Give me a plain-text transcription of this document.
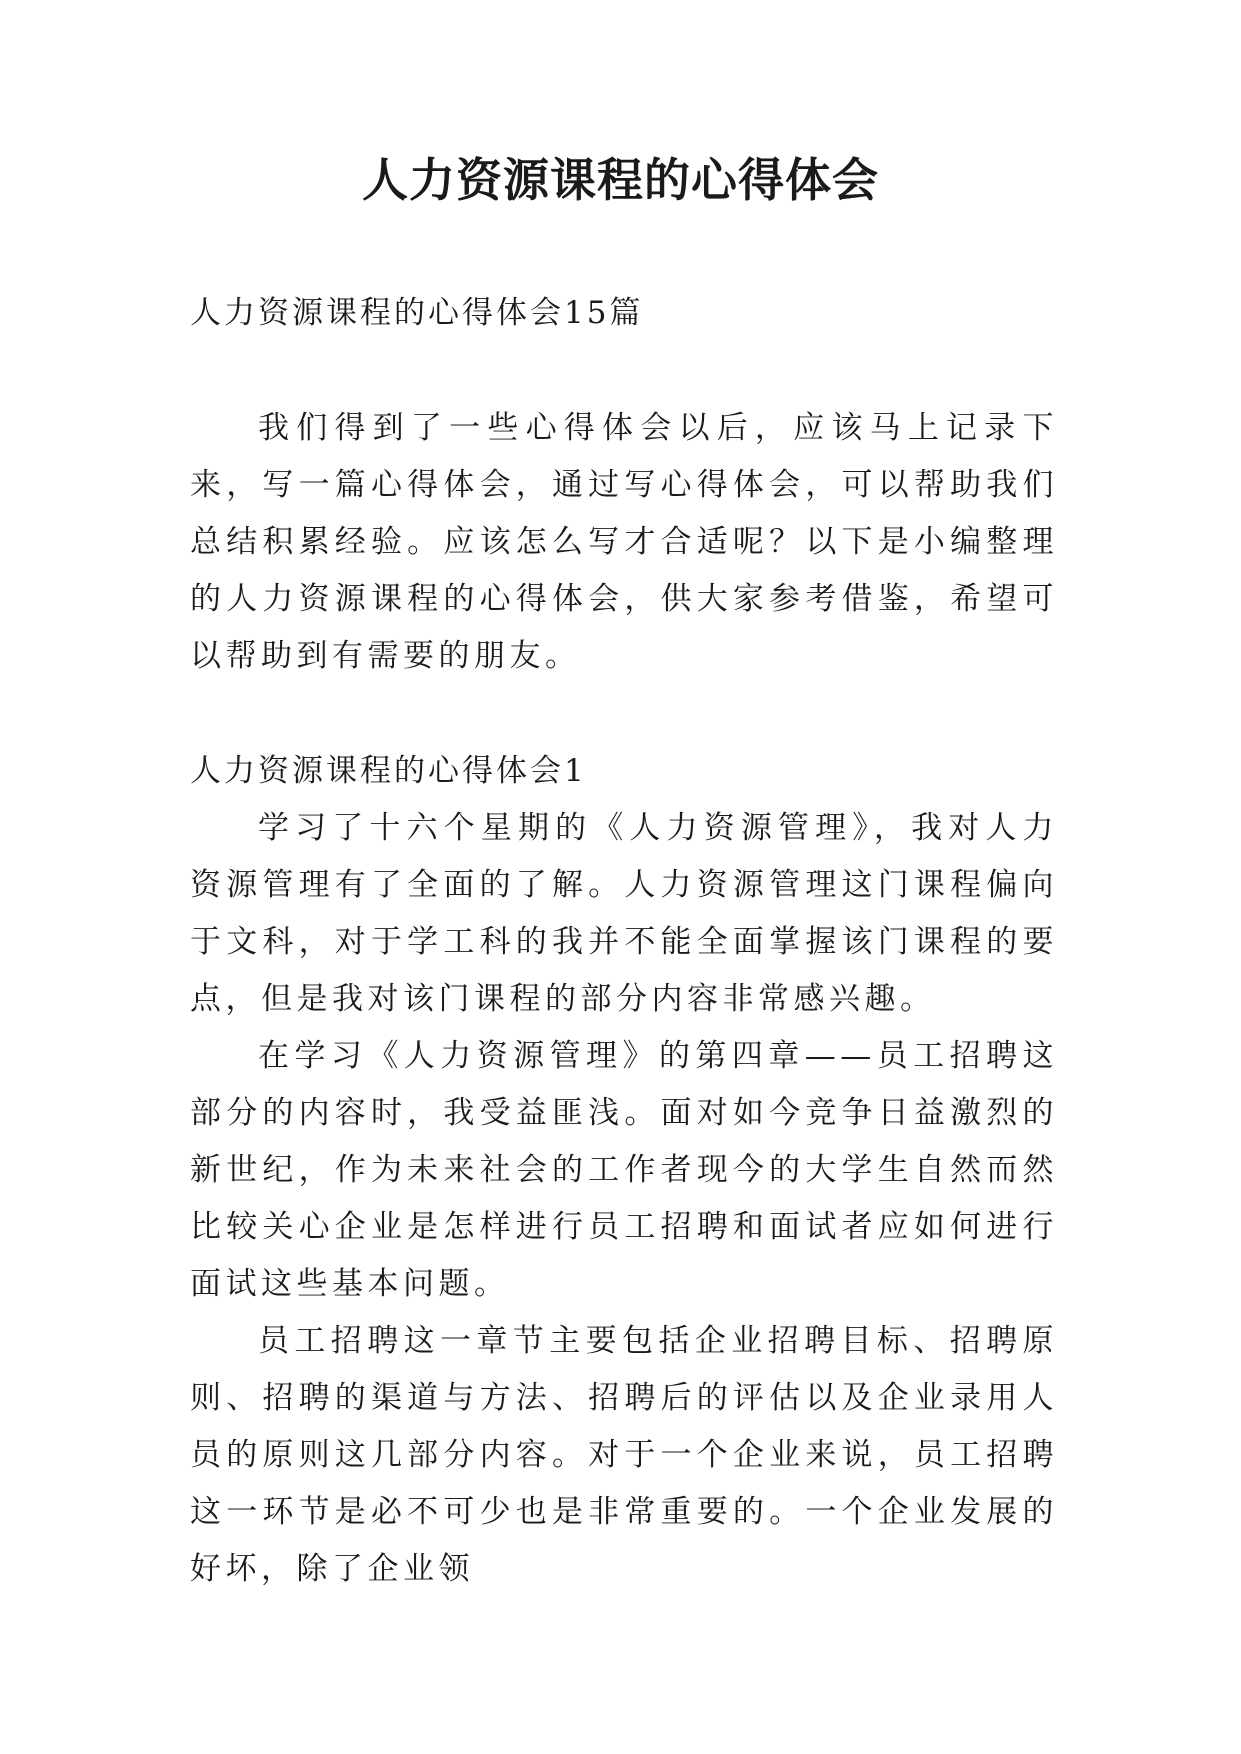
人力资源课程的心得体会

人力资源课程的心得体会15篇

我们得到了一些心得体会以后，应该马上记录下来，写一篇心得体会，通过写心得体会，可以帮助我们总结积累经验。应该怎么写才合适呢？以下是小编整理的人力资源课程的心得体会，供大家参考借鉴，希望可以帮助到有需要的朋友。

人力资源课程的心得体会1

学习了十六个星期的《人力资源管理》，我对人力资源管理有了全面的了解。人力资源管理这门课程偏向于文科，对于学工科的我并不能全面掌握该门课程的要点，但是我对该门课程的部分内容非常感兴趣。

在学习《人力资源管理》的第四章——员工招聘这部分的内容时，我受益匪浅。面对如今竞争日益激烈的新世纪，作为未来社会的工作者现今的大学生自然而然比较关心企业是怎样进行员工招聘和面试者应如何进行面试这些基本问题。

员工招聘这一章节主要包括企业招聘目标、招聘原则、招聘的渠道与方法、招聘后的评估以及企业录用人员的原则这几部分内容。对于一个企业来说，员工招聘这一环节是必不可少也是非常重要的。一个企业发展的好坏，除了企业领
